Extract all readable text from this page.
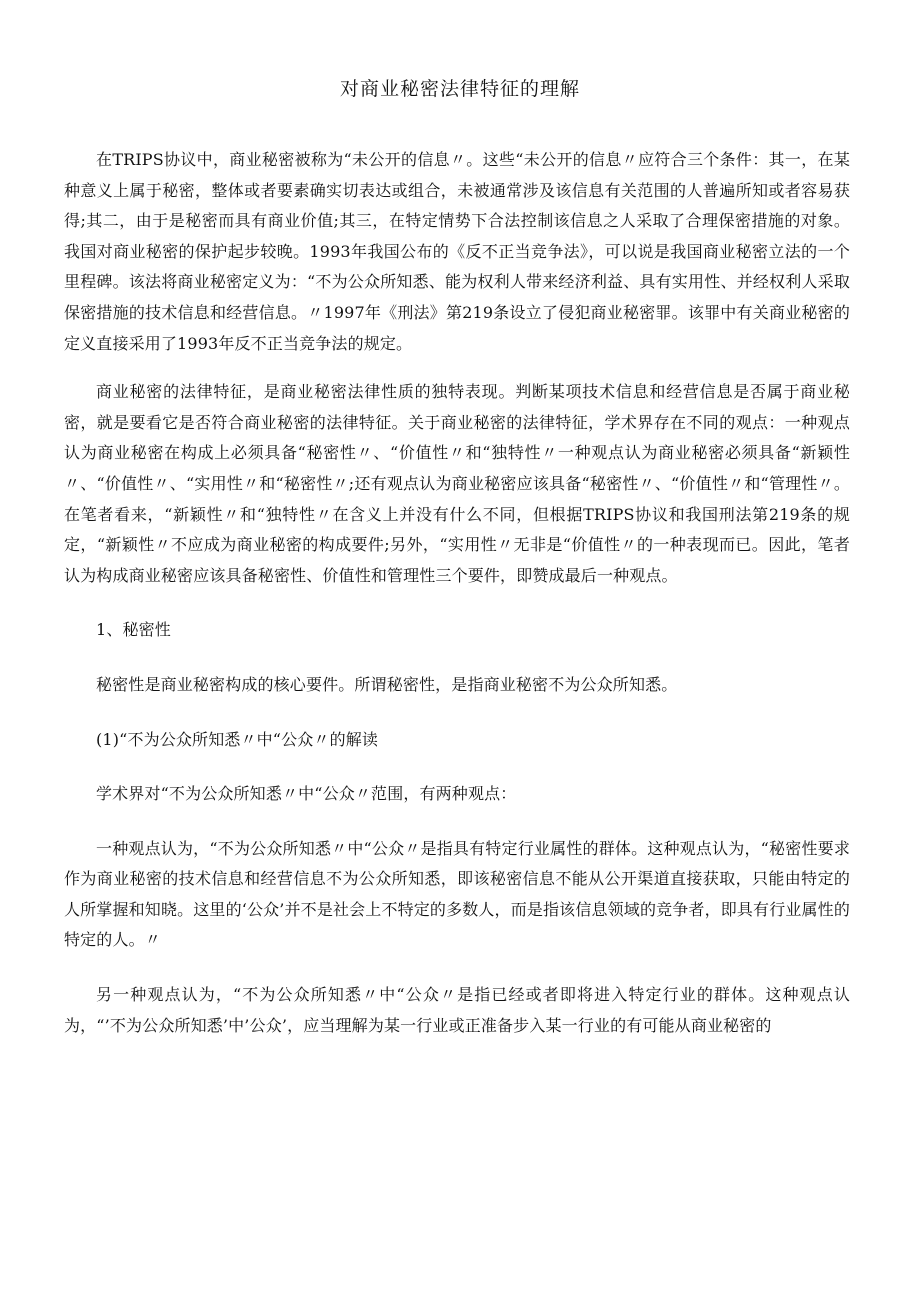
对商业秘密法律特征的理解

在TRIPS协议中，商业秘密被称为“未公开的信息〃。这些“未公开的信息〃应符合三个条件：其一，在某种意义上属于秘密，整体或者要素确实切表达或组合，未被通常涉及该信息有关范围的人普遍所知或者容易获得;其二，由于是秘密而具有商业价值;其三，在特定情势下合法控制该信息之人采取了合理保密措施的对象。我国对商业秘密的保护起步较晚。1993年我国公布的《反不正当竞争法》，可以说是我国商业秘密立法的一个里程碑。该法将商业秘密定义为：“不为公众所知悉、能为权利人带来经济利益、具有实用性、并经权利人采取保密措施的技术信息和经营信息。〃1997年《刑法》第219条设立了侵犯商业秘密罪。该罪中有关商业秘密的定义直接采用了1993年反不正当竞争法的规定。

商业秘密的法律特征，是商业秘密法律性质的独特表现。判断某项技术信息和经营信息是否属于商业秘密，就是要看它是否符合商业秘密的法律特征。关于商业秘密的法律特征，学术界存在不同的观点：一种观点认为商业秘密在构成上必须具备“秘密性〃、“价值性〃和“独特性〃一种观点认为商业秘密必须具备“新颖性〃、“价值性〃、“实用性〃和“秘密性〃;还有观点认为商业秘密应该具备“秘密性〃、“价值性〃和“管理性〃。在笔者看来，“新颖性〃和“独特性〃在含义上并没有什么不同，但根据TRIPS协议和我国刑法第219条的规定，“新颖性〃不应成为商业秘密的构成要件;另外，“实用性〃无非是“价值性〃的一种表现而已。因此，笔者认为构成商业秘密应该具备秘密性、价值性和管理性三个要件，即赞成最后一种观点。

1、秘密性

秘密性是商业秘密构成的核心要件。所谓秘密性，是指商业秘密不为公众所知悉。

(1)“不为公众所知悉〃中“公众〃的解读

学术界对“不为公众所知悉〃中“公众〃范围，有两种观点：

一种观点认为，“不为公众所知悉〃中“公众〃是指具有特定行业属性的群体。这种观点认为，“秘密性要求作为商业秘密的技术信息和经营信息不为公众所知悉，即该秘密信息不能从公开渠道直接获取，只能由特定的人所掌握和知晓。这里的‘公众’并不是社会上不特定的多数人，而是指该信息领域的竞争者，即具有行业属性的特定的人。〃

另一种观点认为，“不为公众所知悉〃中“公众〃是指已经或者即将进入特定行业的群体。这种观点认为，“’不为公众所知悉’中’公众’，应当理解为某一行业或正准备步入某一行业的有可能从商业秘密的
